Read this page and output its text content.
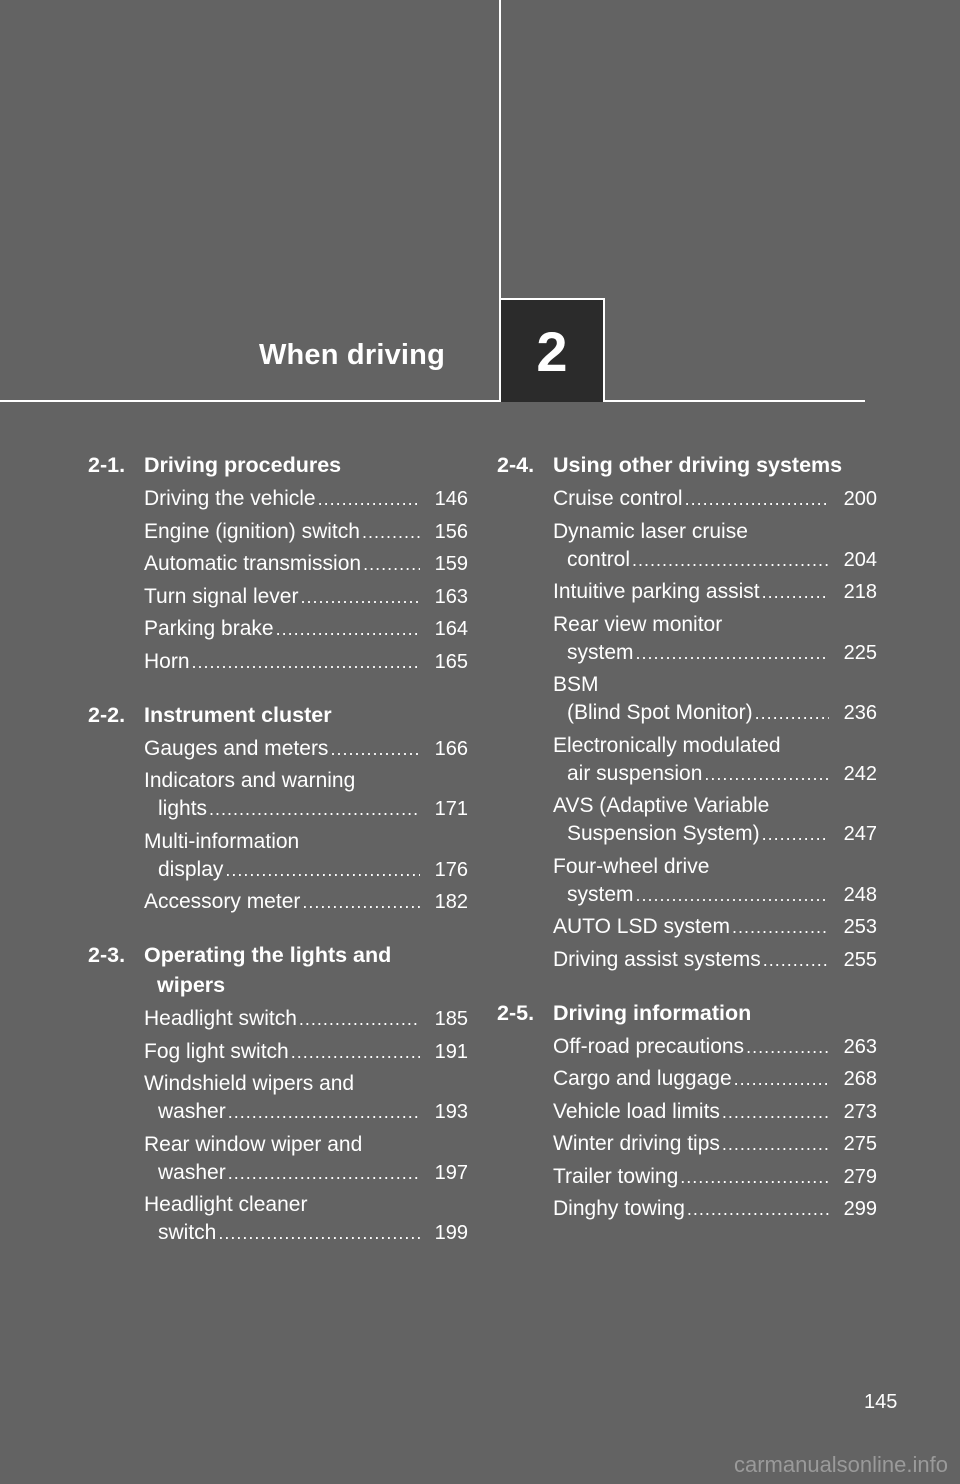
When driving	2
2-1. Driving procedures
Driving the vehicle .....	146
Engine (ignition) switch .....	156
Automatic transmission .....	159
Turn signal lever .....	163
Parking brake .....	164
Horn .....	165
2-2. Instrument cluster
Gauges and meters .....	166
Indicators and warning
lights .....	171
Multi-information
display .....	176
Accessory meter .....	182
2-3. Operating the lights and
wipers
Headlight switch .....	185
Fog light switch .....	191
Windshield wipers and
washer .....	193
Rear window wiper and
washer .....	197
Headlight cleaner
switch .....	199
2-4. Using other driving systems
Cruise control .....	200
Dynamic laser cruise
control .....	204
Intuitive parking assist .....	218
Rear view monitor
system .....	225
BSM
(Blind Spot Monitor) .....	236
Electronically modulated
air suspension .....	242
AVS (Adaptive Variable
Suspension System) .....	247
Four-wheel drive
system .....	248
AUTO LSD system .....	253
Driving assist systems .....	255
2-5. Driving information
Off-road precautions .....	263
Cargo and luggage .....	268
Vehicle load limits .....	273
Winter driving tips .....	275
Trailer towing .....	279
Dinghy towing .....	299
145
carmanualsonline.info
